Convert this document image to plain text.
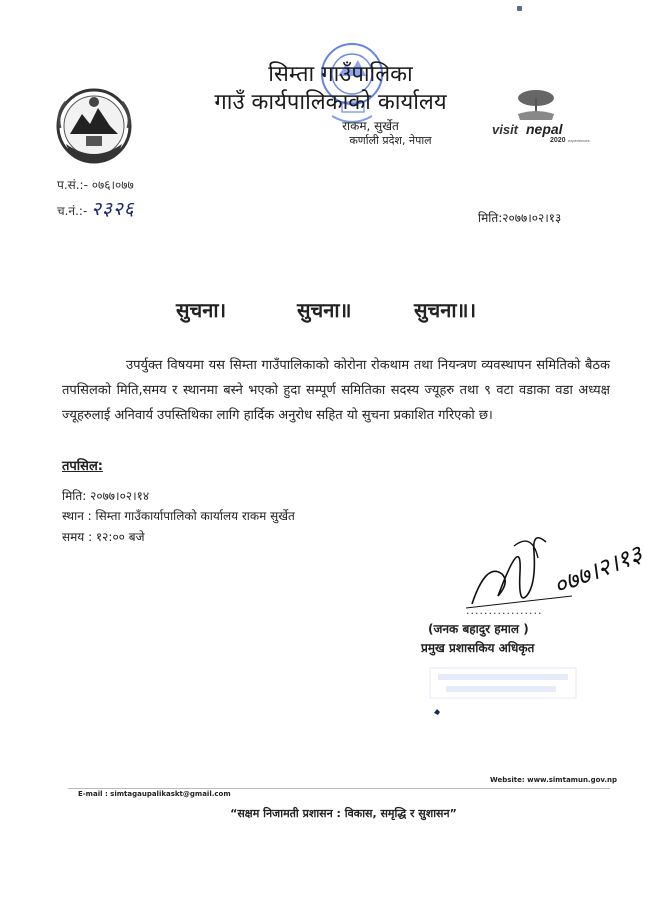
visit nepal
2020 experiences
सिम्ता गाउँपालिका
गाउँ कार्यपालिकाको कार्यालय
राकम, सुर्खेत
कर्णाली प्रदेश, नेपाल
प.सं.:- ०७६।०७७
च.नं.:- २३२६	मिति:२०७७।०२।१३
सुचना।	सुचना॥	सुचना॥।
उपर्युक्त विषयमा यस सिम्ता गाउँपालिकाको कोरोना रोकथाम तथा नियन्त्रण व्यवस्थापन समितिको बैठक तपसिलको मिति,समय र स्थानमा बस्ने भएको हुदा सम्पूर्ण समितिका सदस्य ज्यूहरु तथा ९ वटा वडाका वडा अध्यक्ष ज्यूहरुलाई अनिवार्य उपस्तिथिका लागि हार्दिक अनुरोध सहित यो सुचना प्रकाशित गरिएको छ।
तपसिल:
मिति: २०७७।०२।१४
स्थान : सिम्ता गाउँकार्यापालिको कार्यालय राकम सुर्खेत
समय : १२:०० बजे
०७७।२।१३
.................
(जनक बहादुर हमाल )
प्रमुख प्रशासकिय अधिकृत
Website: www.simtamun.gov.np
E-mail : simtagaupalikaskt@gmail.com
“सक्षम निजामती प्रशासन : विकास, समृद्धि र सुशासन”
